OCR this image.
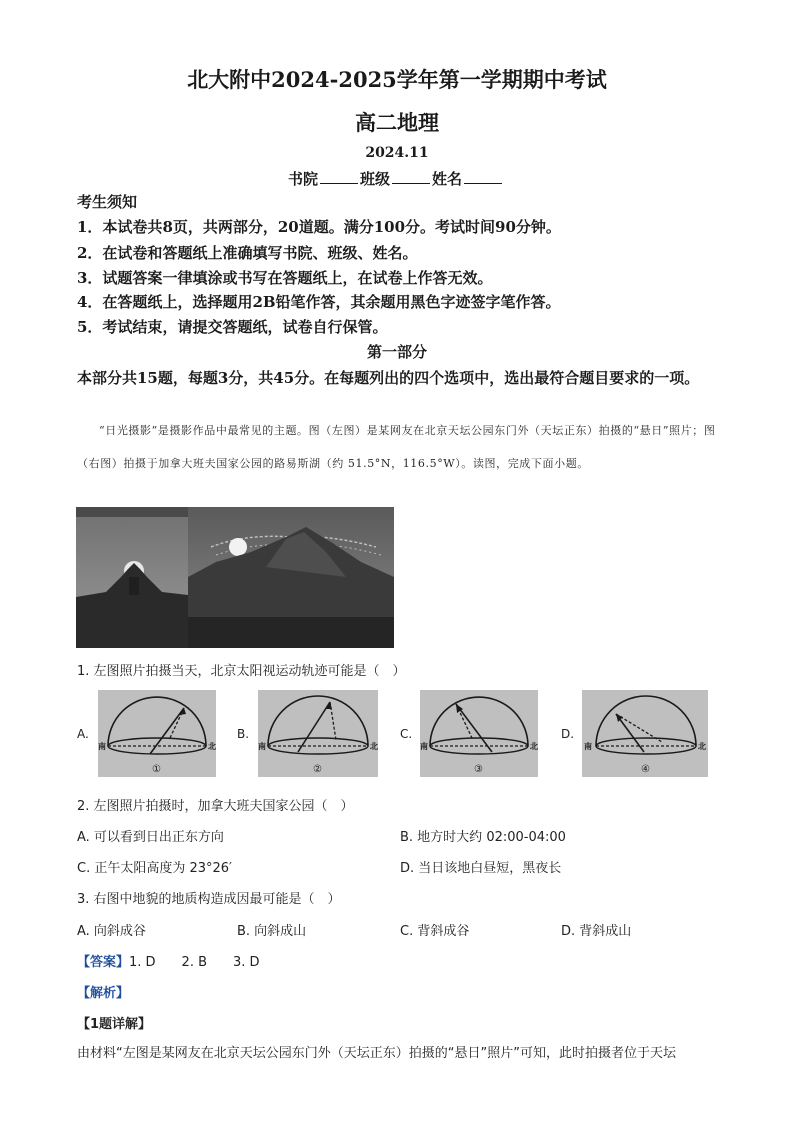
北大附中2024-2025学年第一学期期中考试
高二地理
2024.11
书院	班级	姓名
考生须知
1．本试卷共8页，共两部分，20道题。满分100分。考试时间90分钟。
2．在试卷和答题纸上准确填写书院、班级、姓名。
3．试题答案一律填涂或书写在答题纸上，在试卷上作答无效。
4．在答题纸上，选择题用2B铅笔作答，其余题用黑色字迹签字笔作答。
5．考试结束，请提交答题纸，试卷自行保管。
第一部分
本部分共15题，每题3分，共45分。在每题列出的四个选项中，选出最符合题目要求的一项。
“日光摄影”是摄影作品中最常见的主题。图（左图）是某网友在北京天坛公园东门外（天坛正东）拍摄的“悬日”照片；图（右图）拍摄于加拿大班夫国家公园的路易斯湖（约 51.5°N，116.5°W）。读图，完成下面小题。
1. 左图照片拍摄当天，北京太阳视运动轨迹可能是（　）
A.	B.	C.	D.
南	北
①
南	北
②
南	北
③
南	北
④
2. 左图照片拍摄时，加拿大班夫国家公园（　）
A. 可以看到日出正东方向	B. 地方时大约 02:00-04:00
C. 正午太阳高度为 23°26′	D. 当日该地白昼短，黑夜长
3. 右图中地貌的地质构造成因最可能是（　）
A. 向斜成谷	B. 向斜成山	C. 背斜成谷	D. 背斜成山
【答案】1. D　　2. B　　3. D
【解析】
【1题详解】
由材料“左图是某网友在北京天坛公园东门外（天坛正东）拍摄的“悬日”照片”可知，此时拍摄者位于天坛
